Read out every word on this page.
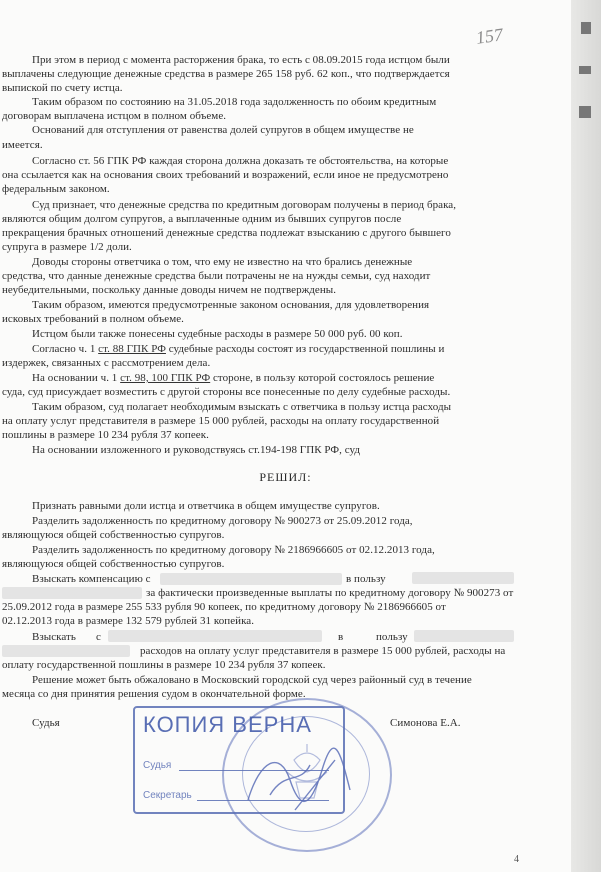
157
При этом в период с момента расторжения брака, то есть с 08.09.2015 года истцом были
выплачены следующие денежные средства в размере 265 158 руб. 62 коп., что подтверждается
выпиской по счету истца.
Таким образом по состоянию на 31.05.2018 года задолженность по обоим кредитным
договорам выплачена истцом в полном объеме.
Оснований для отступления от равенства долей супругов в общем имуществе не
имеется.
Согласно ст. 56 ГПК РФ каждая сторона должна доказать те обстоятельства, на которые
она ссылается как на основания своих требований и возражений, если иное не предусмотрено
федеральным законом.
Суд признает, что денежные средства по кредитным договорам получены в период брака,
являются общим долгом супругов, а выплаченные одним из бывших супругов после
прекращения брачных отношений денежные средства подлежат взысканию с другого бывшего
супруга в размере 1/2 доли.
Доводы стороны ответчика о том, что ему не известно на что брались денежные
средства, что данные денежные средства были потрачены не на нужды семьи, суд находит
неубедительными, поскольку данные доводы ничем не подтверждены.
Таким образом, имеются предусмотренные законом основания, для удовлетворения
исковых требований в полном объеме.
Истцом были также понесены судебные расходы в размере 50 000 руб. 00 коп.
Согласно ч. 1 ст. 88 ГПК РФ судебные расходы состоят из государственной пошлины и
издержек, связанных с рассмотрением дела.
На основании ч. 1 ст. 98, 100 ГПК РФ стороне, в пользу которой состоялось решение
суда, суд присуждает возместить с другой стороны все понесенные по делу судебные расходы.
Таким образом, суд полагает необходимым взыскать с ответчика в пользу истца расходы
на оплату услуг представителя в размере 15 000 рублей, расходы на оплату государственной
пошлины в размере 10 234 рубля 37 копеек.
На основании изложенного и руководствуясь ст.194-198 ГПК РФ, суд
РЕШИЛ:
Признать равными доли истца и ответчика в общем имуществе супругов.
Разделить задолженность по кредитному договору № 900273 от 25.09.2012 года,
являющуюся общей собственностью супругов.
Разделить задолженность по кредитному договору № 2186966605 от 02.12.2013 года,
являющуюся общей собственностью супругов.
Взыскать компенсацию с	в пользу
за фактически произведенные выплаты по кредитному договору № 900273 от
25.09.2012 года в размере 255 533 рубля 90 копеек, по кредитному договору № 2186966605 от
02.12.2013 года в размере 132 579 рублей 31 копейка.
Взыскать с	в	пользу
расходов на оплату услуг представителя в размере 15 000 рублей, расходы на
оплату государственной пошлины в размере 10 234 рубля 37 копеек.
Решение может быть обжаловано в Московский городской суд через районный суд в течение
месяца со дня принятия решения судом в окончательной форме.
Судья	Симонова Е.А.
КОПИЯ ВЕРНА
Судья
Секретарь
4
